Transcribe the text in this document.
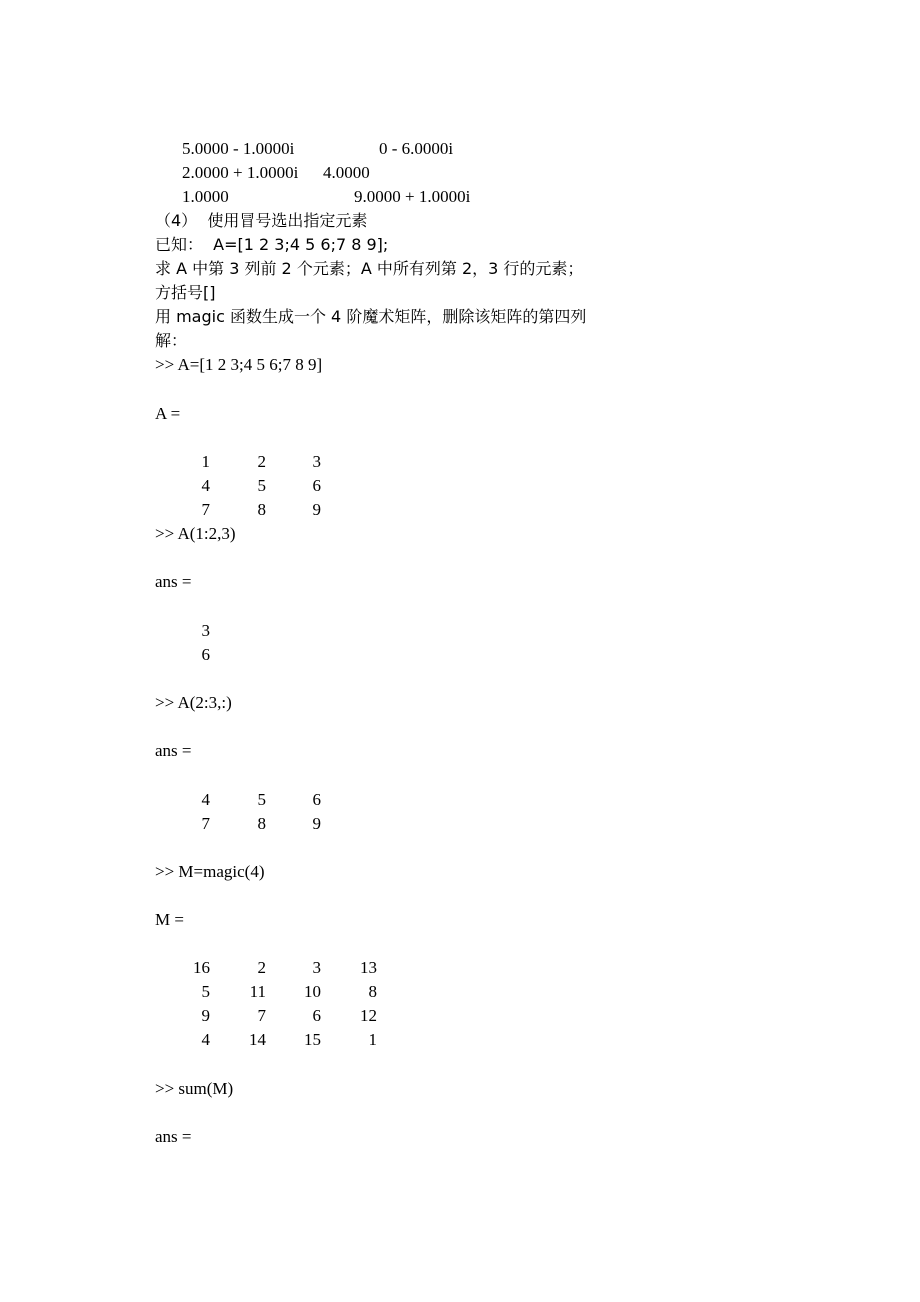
5.0000 - 1.0000i	0 - 6.0000i
2.0000 + 1.0000i 4.0000
1.0000	9.0000 + 1.0000i
（4）  使用冒号选出指定元素
已知：  A=[1 2 3;4 5 6;7 8 9];
求 A 中第 3 列前 2 个元素；A 中所有列第 2，3 行的元素；
方括号[]
用 magic 函数生成一个 4 阶魔术矩阵，删除该矩阵的第四列
解：
>> A=[1 2 3;4 5 6;7 8 9]
A =
1	2	3
4	5	6
7	8	9
>> A(1:2,3)
ans =
3
6
>> A(2:3,:)
ans =
4	5	6
7	8	9
>> M=magic(4)
M =
16	2	3	13
5	11	10	8
9	7	6	12
4	14	15	1
>> sum(M)
ans =
